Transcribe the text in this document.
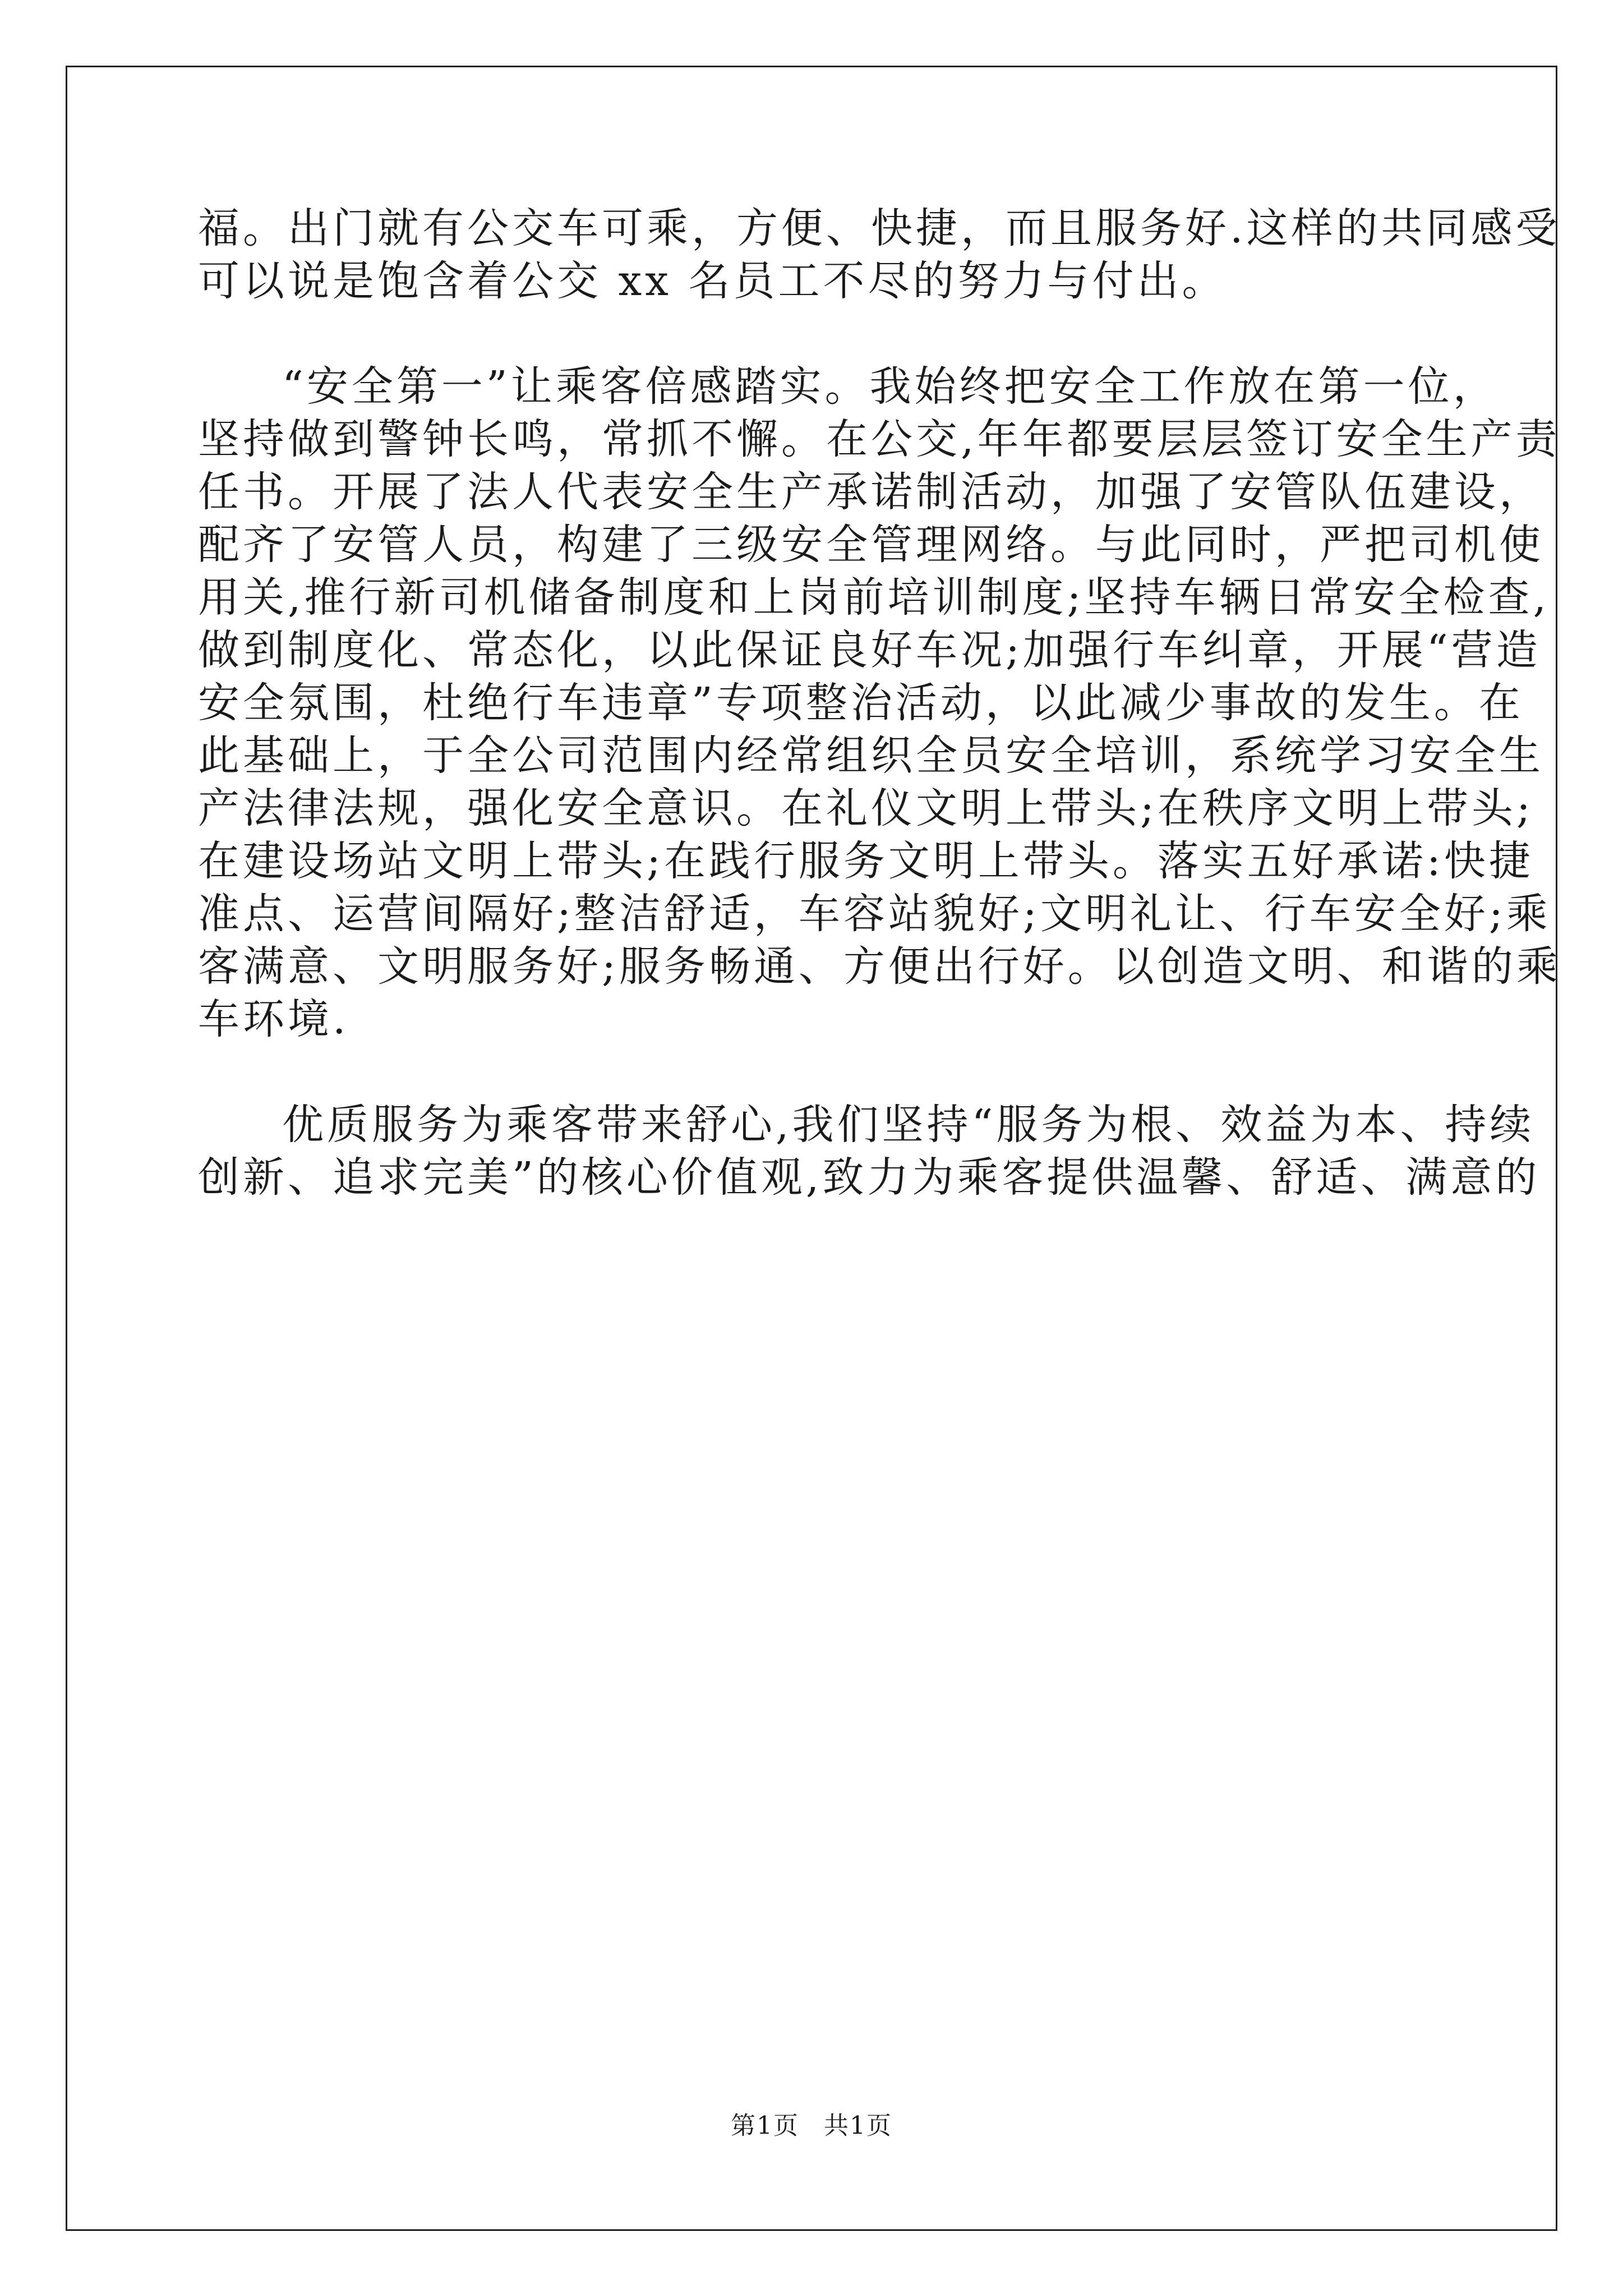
福。出门就有公交车可乘，方便、快捷，而且服务好.这样的共同感受
可以说是饱含着公交 xx 名员工不尽的努力与付出。
“安全第一”让乘客倍感踏实。我始终把安全工作放在第一位，
坚持做到警钟长鸣，常抓不懈。在公交,年年都要层层签订安全生产责
任书。开展了法人代表安全生产承诺制活动，加强了安管队伍建设，
配齐了安管人员，构建了三级安全管理网络。与此同时，严把司机使
用关,推行新司机储备制度和上岗前培训制度;坚持车辆日常安全检查,
做到制度化、常态化，以此保证良好车况;加强行车纠章，开展“营造
安全氛围，杜绝行车违章”专项整治活动，以此减少事故的发生。在
此基础上，于全公司范围内经常组织全员安全培训，系统学习安全生
产法律法规，强化安全意识。在礼仪文明上带头;在秩序文明上带头;
在建设场站文明上带头;在践行服务文明上带头。落实五好承诺:快捷
准点、运营间隔好;整洁舒适，车容站貌好;文明礼让、行车安全好;乘
客满意、文明服务好;服务畅通、方便出行好。以创造文明、和谐的乘
车环境.
优质服务为乘客带来舒心,我们坚持“服务为根、效益为本、持续
创新、追求完美”的核心价值观,致力为乘客提供温馨、舒适、满意的
第1页 共1页
